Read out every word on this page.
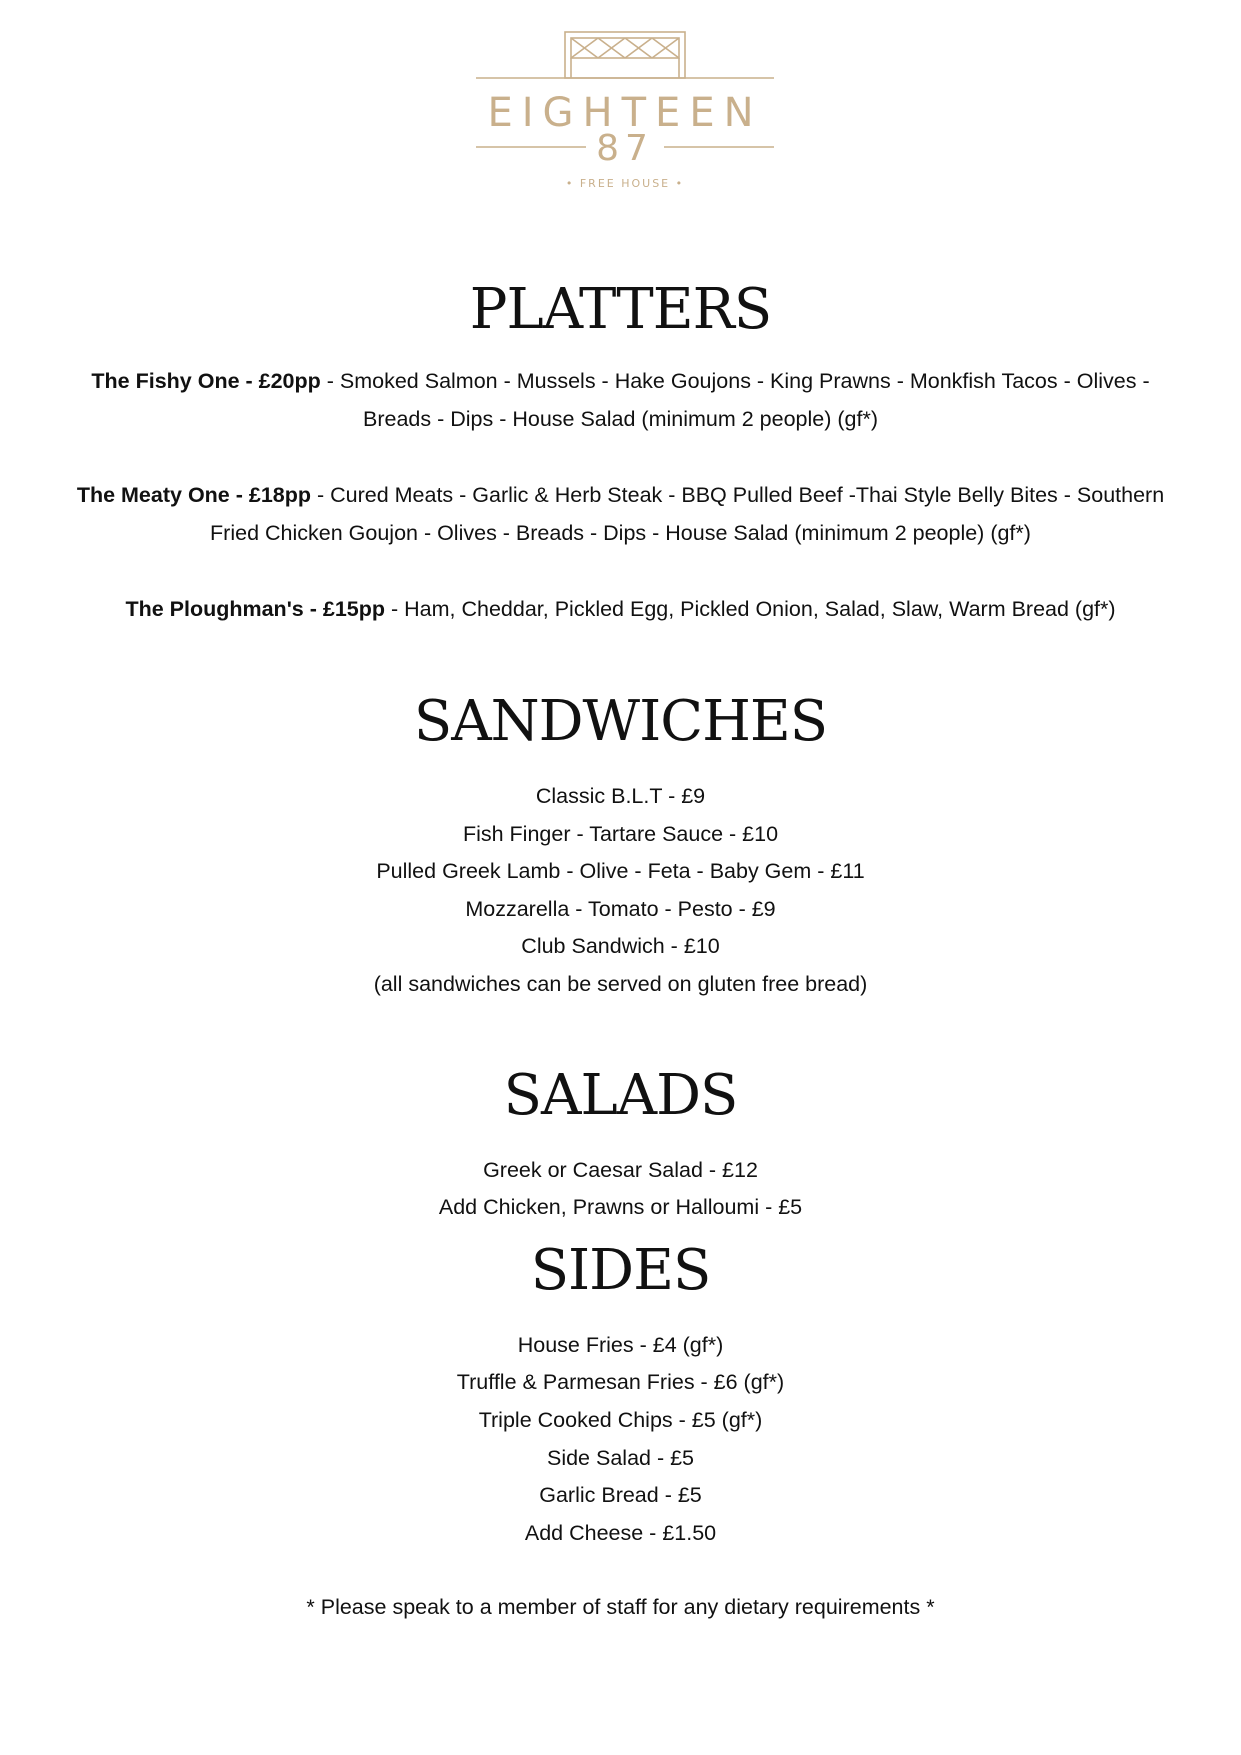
EIGHTEEN
87
• FREE HOUSE •
PLATTERS

The Fishy One - £20pp - Smoked Salmon - Mussels - Hake Goujons - King Prawns - Monkfish Tacos - Olives - Breads - Dips - House Salad (minimum 2 people) (gf*)

The Meaty One - £18pp - Cured Meats - Garlic & Herb Steak - BBQ Pulled Beef -Thai Style Belly Bites - Southern Fried Chicken Goujon - Olives - Breads - Dips - House Salad (minimum 2 people) (gf*)

The Ploughman's - £15pp - Ham, Cheddar, Pickled Egg, Pickled Onion, Salad, Slaw, Warm Bread (gf*)

SANDWICHES

Classic B.L.T - £9

Fish Finger - Tartare Sauce - £10

Pulled Greek Lamb - Olive - Feta - Baby Gem - £11

Mozzarella - Tomato - Pesto - £9

Club Sandwich - £10

(all sandwiches can be served on gluten free bread)

SALADS

Greek or Caesar Salad - £12

Add Chicken, Prawns or Halloumi - £5

SIDES

House Fries - £4 (gf*)

Truffle & Parmesan Fries - £6 (gf*)

Triple Cooked Chips - £5 (gf*)

Side Salad - £5

Garlic Bread - £5

Add Cheese - £1.50

* Please speak to a member of staff for any dietary requirements *
